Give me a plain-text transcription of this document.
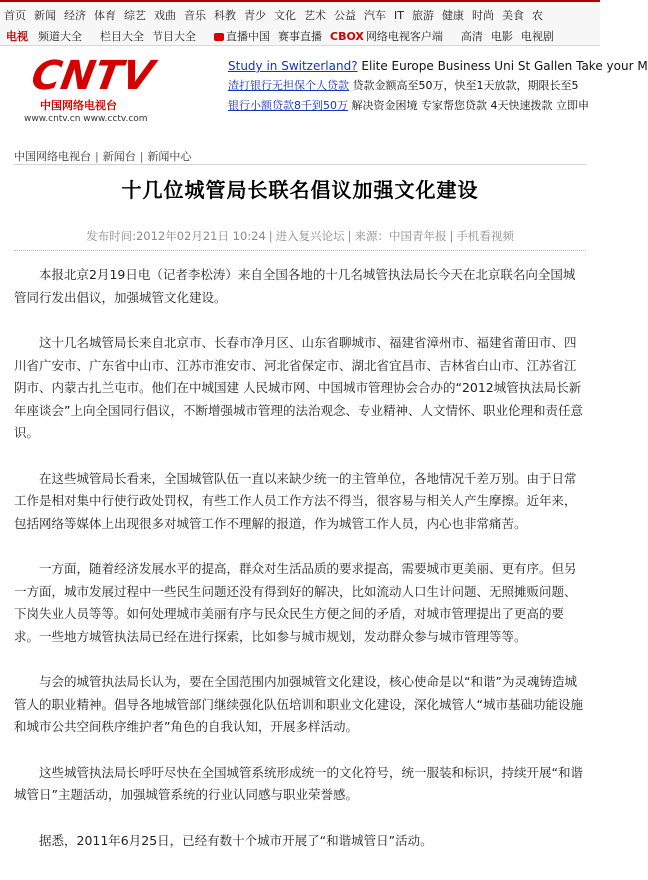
首页 新闻 经济 体育 综艺 戏曲 音乐 科教 青少 文化 艺术 公益 汽车 IT 旅游 健康 时尚 美食 农
电视 频道大全	栏目大全 节目大全	直播中国 赛事直播 CBOX 网络电视客户端	高清 电影 电视剧
CNTV
中国网络电视台
www.cntv.cn www.cctv.com
Study in Switzerland? Elite Europe Business Uni St Gallen Take your M
渣打银行无担保个人贷款 贷款金额高至50万，快至1天放款，期限长至5
银行小额贷款8千到50万 解决资金困境 专家帮您贷款 4天快速拨款 立即申
中国网络电视台 | 新闻台 | 新闻中心
十几位城管局长联名倡议加强文化建设
发布时间:2012年02月21日 10:24 | 进入复兴论坛 | 来源：中国青年报 | 手机看视频

本报北京2月19日电（记者李松涛）来自全国各地的十几名城管执法局长今天在北京联名向全国城管同行发出倡议，加强城管文化建设。

这十几名城管局长来自北京市、长春市净月区、山东省聊城市、福建省漳州市、福建省莆田市、四川省广安市、广东省中山市、江苏市淮安市、河北省保定市、湖北省宜昌市、吉林省白山市、江苏省江阴市、内蒙古扎兰屯市。他们在中城国建 人民城市网、中国城市管理协会合办的“2012城管执法局长新年座谈会”上向全国同行倡议，不断增强城市管理的法治观念、专业精神、人文情怀、职业伦理和责任意识。

在这些城管局长看来，全国城管队伍一直以来缺少统一的主管单位，各地情况千差万别。由于日常工作是相对集中行使行政处罚权，有些工作人员工作方法不得当，很容易与相关人产生摩擦。近年来，包括网络等媒体上出现很多对城管工作不理解的报道，作为城管工作人员，内心也非常痛苦。

一方面，随着经济发展水平的提高，群众对生活品质的要求提高，需要城市更美丽、更有序。但另一方面，城市发展过程中一些民生问题还没有得到好的解决，比如流动人口生计问题、无照摊贩问题、下岗失业人员等等。如何处理城市美丽有序与民众民生方便之间的矛盾，对城市管理提出了更高的要求。一些地方城管执法局已经在进行探索，比如参与城市规划，发动群众参与城市管理等等。

与会的城管执法局长认为，要在全国范围内加强城管文化建设，核心使命是以“和谐”为灵魂铸造城管人的职业精神。倡导各地城管部门继续强化队伍培训和职业文化建设，深化城管人“城市基础功能设施和城市公共空间秩序维护者”角色的自我认知，开展多样活动。

这些城管执法局长呼吁尽快在全国城管系统形成统一的文化符号，统一服装和标识，持续开展“和谐城管日”主题活动，加强城管系统的行业认同感与职业荣誉感。

据悉，2011年6月25日，已经有数十个城市开展了“和谐城管日”活动。
